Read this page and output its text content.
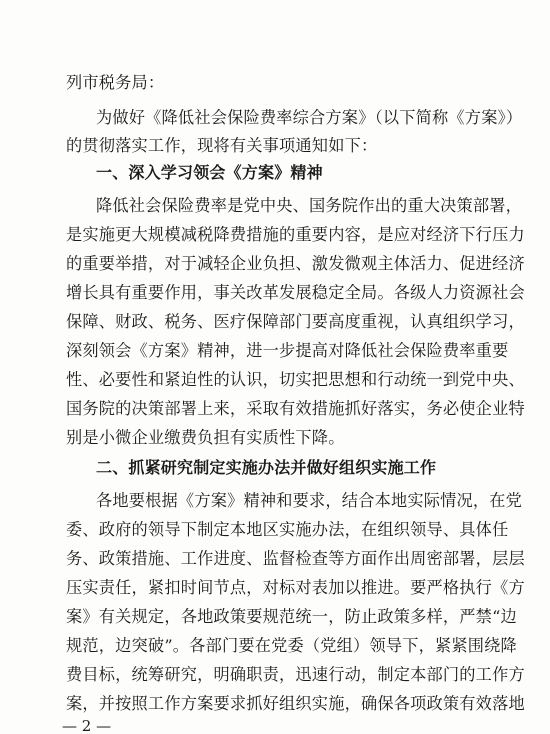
列市税务局：
为做好《降低社会保险费率综合方案》（以下简称《方案》）
的贯彻落实工作，现将有关事项通知如下：
一、深入学习领会《方案》精神
降低社会保险费率是党中央、国务院作出的重大决策部署，
是实施更大规模减税降费措施的重要内容，是应对经济下行压力
的重要举措，对于减轻企业负担、激发微观主体活力、促进经济
增长具有重要作用，事关改革发展稳定全局。各级人力资源社会
保障、财政、税务、医疗保障部门要高度重视，认真组织学习，
深刻领会《方案》精神，进一步提高对降低社会保险费率重要
性、必要性和紧迫性的认识，切实把思想和行动统一到党中央、
国务院的决策部署上来，采取有效措施抓好落实，务必使企业特
别是小微企业缴费负担有实质性下降。
二、抓紧研究制定实施办法并做好组织实施工作
各地要根据《方案》精神和要求，结合本地实际情况，在党
委、政府的领导下制定本地区实施办法，在组织领导、具体任
务、政策措施、工作进度、监督检查等方面作出周密部署，层层
压实责任，紧扣时间节点，对标对表加以推进。要严格执行《方
案》有关规定，各地政策要规范统一，防止政策多样，严禁“边
规范，边突破”。各部门要在党委（党组）领导下，紧紧围绕降
费目标，统筹研究，明确职责，迅速行动，制定本部门的工作方
案，并按照工作方案要求抓好组织实施，确保各项政策有效落地
— 2 —
